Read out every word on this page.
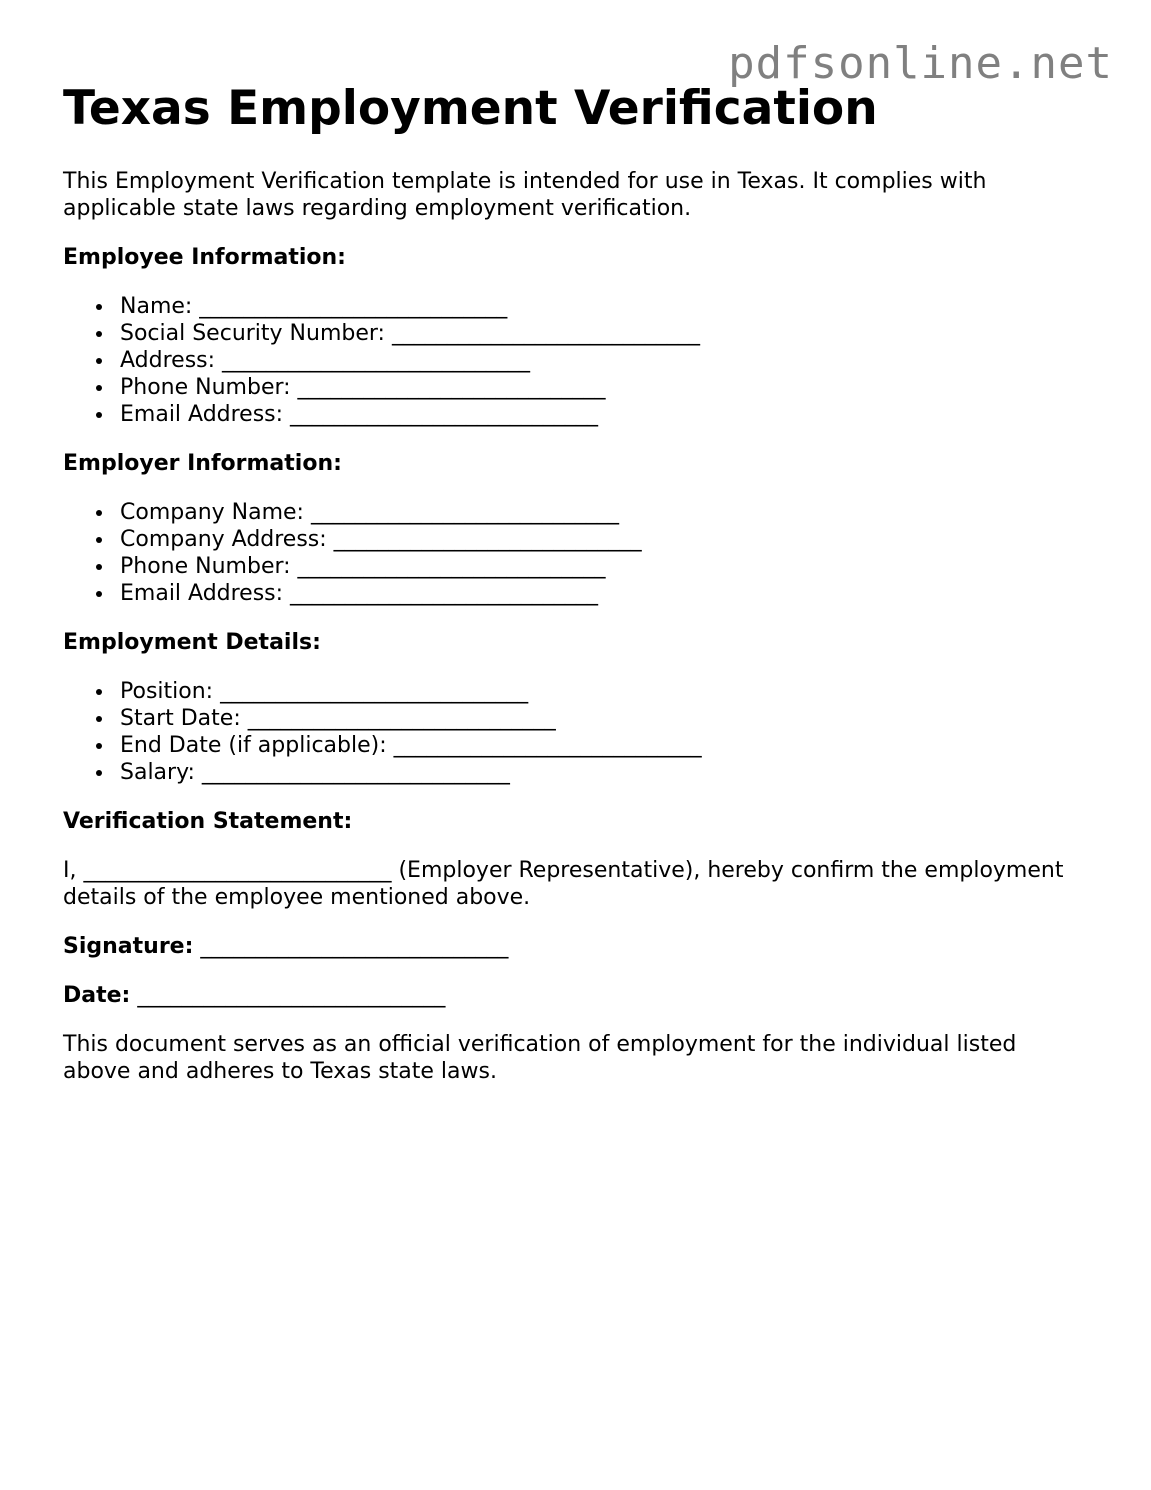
pdfsonline.net
Texas Employment Verification

This Employment Verification template is intended for use in Texas. It complies with applicable state laws regarding employment verification.

Employee Information:
Name: ____________________________
Social Security Number: ____________________________
Address: ____________________________
Phone Number: ____________________________
Email Address: ____________________________
Employer Information:
Company Name: ____________________________
Company Address: ____________________________
Phone Number: ____________________________
Email Address: ____________________________
Employment Details:
Position: ____________________________
Start Date: ____________________________
End Date (if applicable): ____________________________
Salary: ____________________________
Verification Statement:

I, ____________________________ (Employer Representative), hereby confirm the employment details of the employee mentioned above.

Signature: ____________________________

Date: ____________________________

This document serves as an official verification of employment for the individual listed above and adheres to Texas state laws.
